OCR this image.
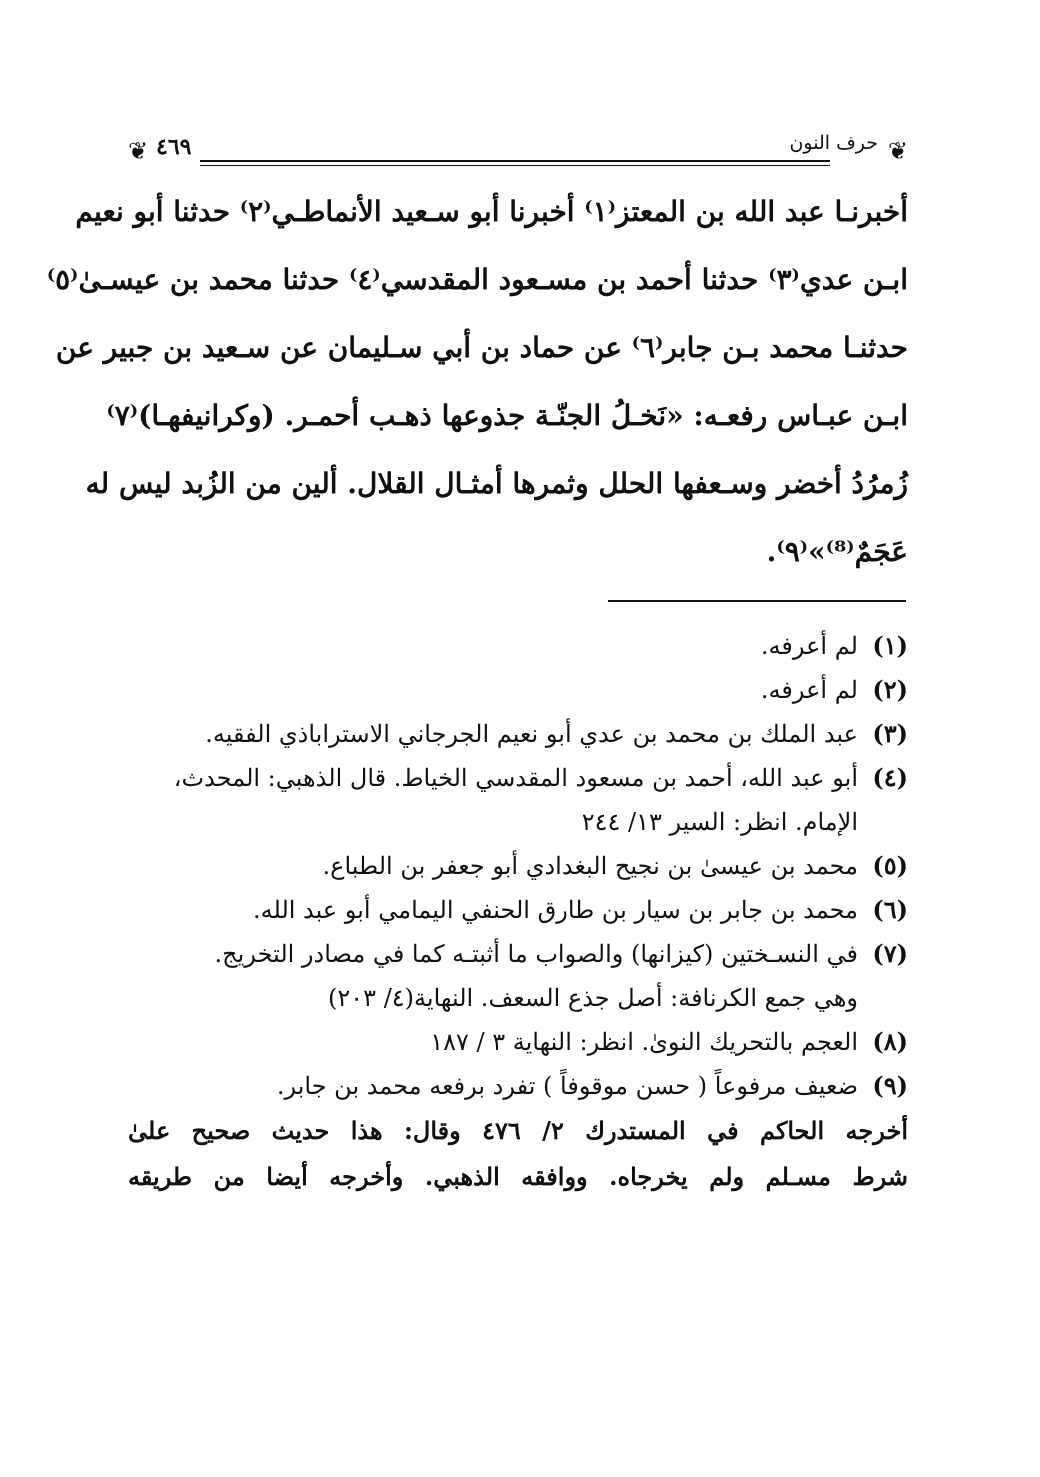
❦ ٤٦٩	حرف النون ❦
أخبرنـا عبد الله بن المعتز⁽١⁾ أخبرنا أبو سـعيد الأنماطـي⁽٢⁾ حدثنا أبو نعيم
ابـن عدي⁽٣⁾ حدثنا أحمد بن مسـعود المقدسي⁽٤⁾ حدثنا محمد بن عيسـىٰ⁽٥⁾
حدثنـا محمد بـن جابر⁽٦⁾ عن حماد بن أبي سـليمان عن سـعيد بن جبير عن
ابـن عبـاس رفعـه: «نَخـلُ الجنّـة جذوعها ذهـب أحمـر. (وكرانيفهـا)⁽٧⁾
زُمرُدُ أخضر وسـعفها الحلل وثمرها أمثـال القلال. ألين من الزُبد ليس له
عَجَمٌ⁽⁸⁾»⁽٩⁾.
(١)
لم أعرفه.
(٢)
لم أعرفه.
(٣)
عبد الملك بن محمد بن عدي أبو نعيم الجرجاني الاستراباذي الفقيه.
(٤)
أبو عبد الله، أحمد بن مسعود المقدسي الخياط. قال الذهبي: المحدث،
الإمام. انظر: السير ١٣/ ٢٤٤
(٥)
محمد بن عيسىٰ بن نجيح البغدادي أبو جعفر بن الطباع.
(٦)
محمد بن جابر بن سيار بن طارق الحنفي اليمامي أبو عبد الله.
(٧)
في النسـختين (كيزانها) والصواب ما أثبتـه كما في مصادر التخريج.
وهي جمع الكرنافة: أصل جذع السعف. النهاية(٤/ ٢٠٣)
(٨)
العجم بالتحريك النوىٰ. انظر: النهاية ٣ / ١٨٧
(٩)
ضعيف مرفوعاً ( حسن موقوفاً ) تفرد برفعه محمد بن جابر.
أخرجه الحاكم في المستدرك ٢/ ٤٧٦ وقال: هذا حديث صحيح علىٰ
شرط مسـلم ولم يخرجاه. ووافقه الذهبي. وأخرجه أيضا من طريقه
